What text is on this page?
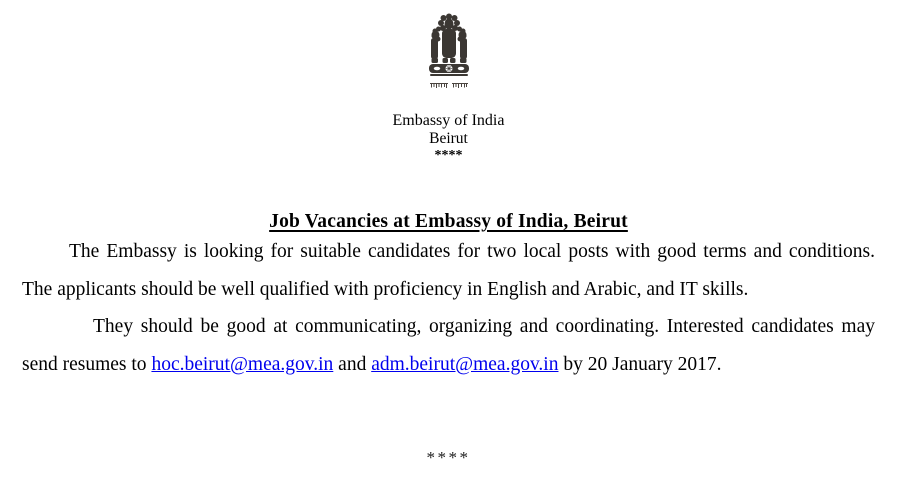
Embassy of India
Beirut
****
Job Vacancies at Embassy of India, Beirut

The Embassy is looking for suitable candidates for two local posts with good terms and conditions. The applicants should be well qualified with proficiency in English and Arabic, and IT skills.

They should be good at communicating, organizing and coordinating. Interested candidates may send resumes to hoc.beirut@mea.gov.in and adm.beirut@mea.gov.in by 20 January 2017.

****
